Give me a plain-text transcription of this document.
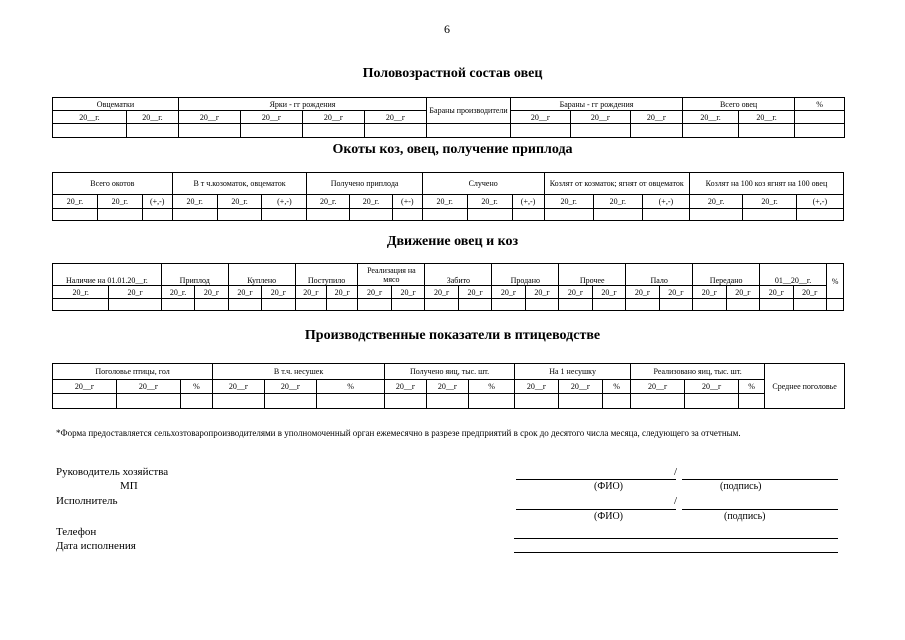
6
Половозрастной состав овец
Овцематки		Ярки - гг рождения				Бараны производители	Бараны - гг рождения			Всего овец		%
20__г.	20__г.	20__г	20__г	20__г	20__г		20__г	20__г	20__г	20__г.	20__г.	

Окоты коз, овец, получение приплода
Всего окотов			В т ч.козоматок, овцематок			Получено приплода			Случено			Козлят от козматок; ягнят от овцематок			Козлят на 100 коз ягнят на 100 овец		
20_г.	20_г.	(+,-)	20_г.	20_г.	(+,-)	20_г.	20_г.	(+-)	20_г.	20_г.	(+,-)	20_г.	20_г.	(+,-)	20_г.	20_г.	(+,-)

Движение овец и коз
Наличие на 01.01.20__г.		Приплод		Куплено		Поступило		Реализация на мясо		Забито		Продано		Прочее		Пало		Передано		01__20__г.		%
20_г.	20_г	20_г.	20_г	20_г	20_г	20_г	20_г	20_г	20_г	20_г	20_г	20_г	20_г	20_г	20_г	20_г	20_г	20_г	20_г	20_г	20_г	

Производственные показатели в птицеводстве
Поголовье птицы, гол			В т.ч. несушек			Получено яиц, тыс. шт.			На 1 несушку			Реализовано яиц, тыс. шт.			Среднее поголовье
20__г	20__г	%	20__г	20__г	%	20__г	20__г	%	20__г	20__г	%	20__г	20__г	%	

*Форма предоставляется сельхозтоваропроизводителями в уполномоченный орган ежемесячно в разрезе предприятий в срок до десятого числа месяца, следующего за отчетным.
Руководитель хозяйства
МП
Исполнитель
Телефон
Дата исполнения
/
(ФИО)	(подпись)
/
(ФИО)	(подпись)
